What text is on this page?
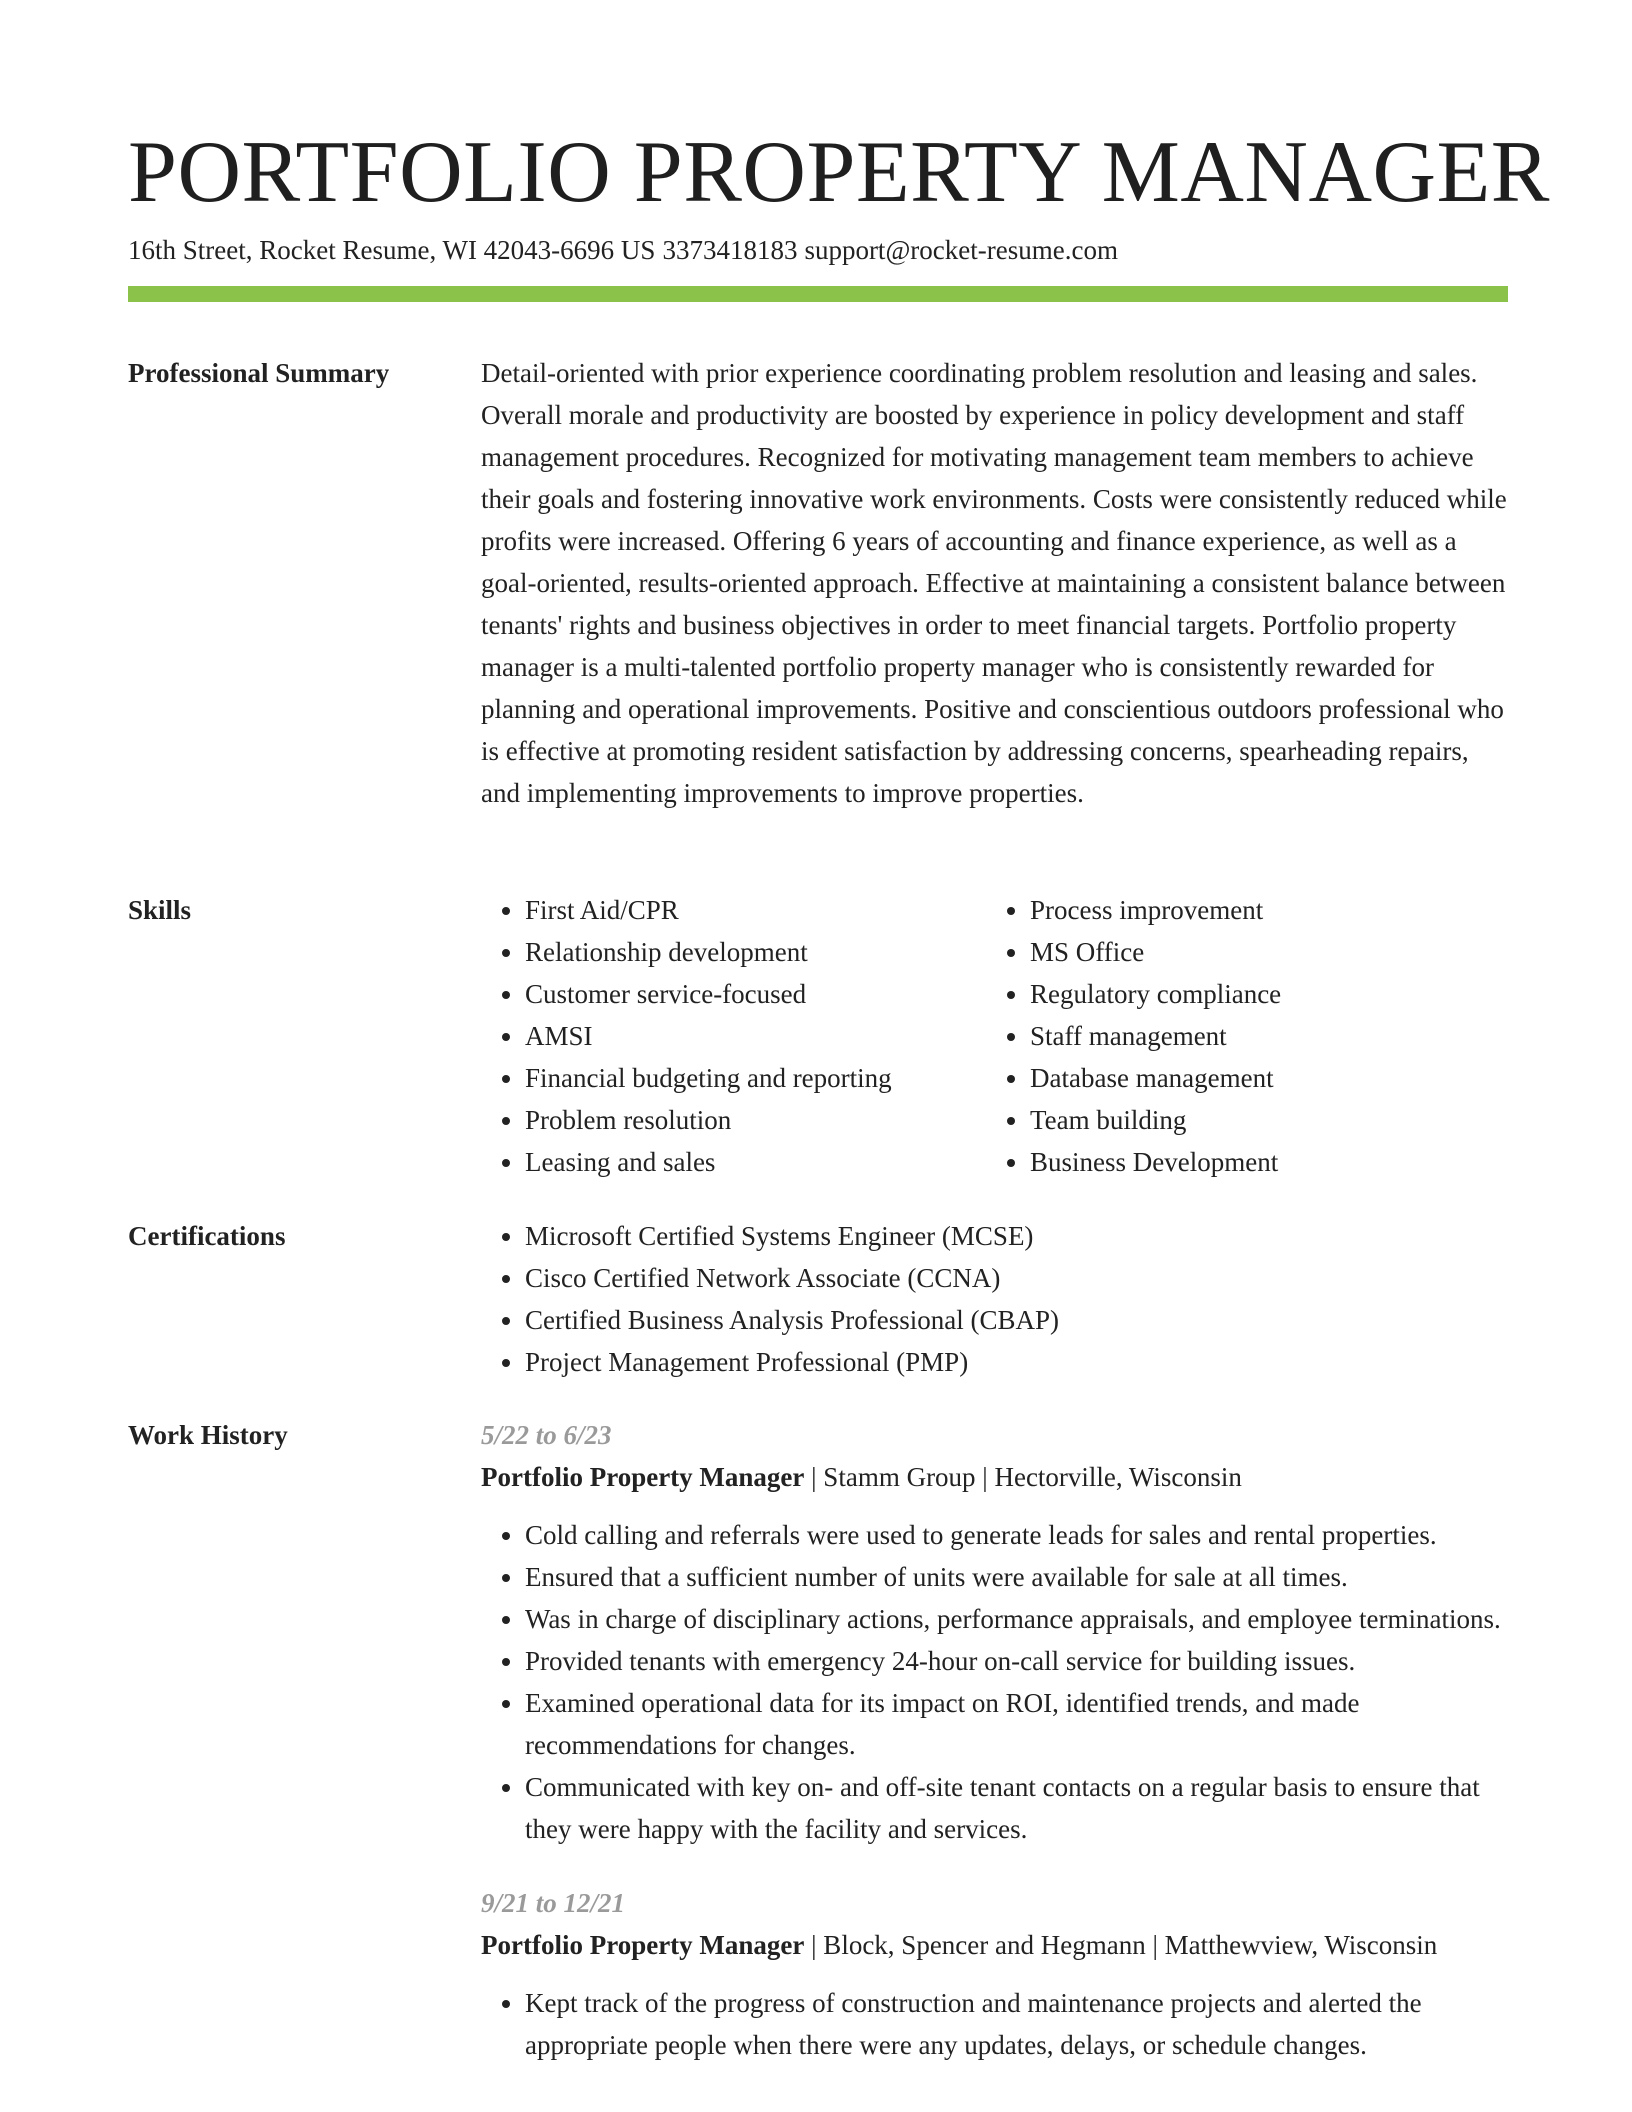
PORTFOLIO PROPERTY MANAGER
16th Street, Rocket Resume, WI 42043-6696 US 3373418183 support@rocket-resume.com
Professional Summary	Detail-oriented with prior experience coordinating problem resolution and leasing and sales. Overall morale and productivity are boosted by experience in policy development and staff management procedures. Recognized for motivating management team members to achieve their goals and fostering innovative work environments. Costs were consistently reduced while profits were increased. Offering 6 years of accounting and finance experience, as well as a goal-oriented, results-oriented approach. Effective at maintaining a consistent balance between tenants' rights and business objectives in order to meet financial targets. Portfolio property manager is a multi-talented portfolio property manager who is consistently rewarded for planning and operational improvements. Positive and conscientious outdoors professional who is effective at promoting resident satisfaction by addressing concerns, spearheading repairs, and implementing improvements to improve properties.

Skills	• First Aid/CPR
• Relationship development
• Customer service-focused
• AMSI
• Financial budgeting and reporting
• Problem resolution
• Leasing and sales
• Process improvement
• MS Office
• Regulatory compliance
• Staff management
• Database management
• Team building
• Business Development
Certifications	• Microsoft Certified Systems Engineer (MCSE)
• Cisco Certified Network Associate (CCNA)
• Certified Business Analysis Professional (CBAP)
• Project Management Professional (PMP)
Work History	5/22 to 6/23
Portfolio Property Manager | Stamm Group | Hectorville, Wisconsin
• Cold calling and referrals were used to generate leads for sales and rental properties.
• Ensured that a sufficient number of units were available for sale at all times.
• Was in charge of disciplinary actions, performance appraisals, and employee terminations.
• Provided tenants with emergency 24-hour on-call service for building issues.
• Examined operational data for its impact on ROI, identified trends, and made recommendations for changes.
• Communicated with key on- and off-site tenant contacts on a regular basis to ensure that they were happy with the facility and services.
9/21 to 12/21
Portfolio Property Manager | Block, Spencer and Hegmann | Matthewview, Wisconsin
• Kept track of the progress of construction and maintenance projects and alerted the appropriate people when there were any updates, delays, or schedule changes.
